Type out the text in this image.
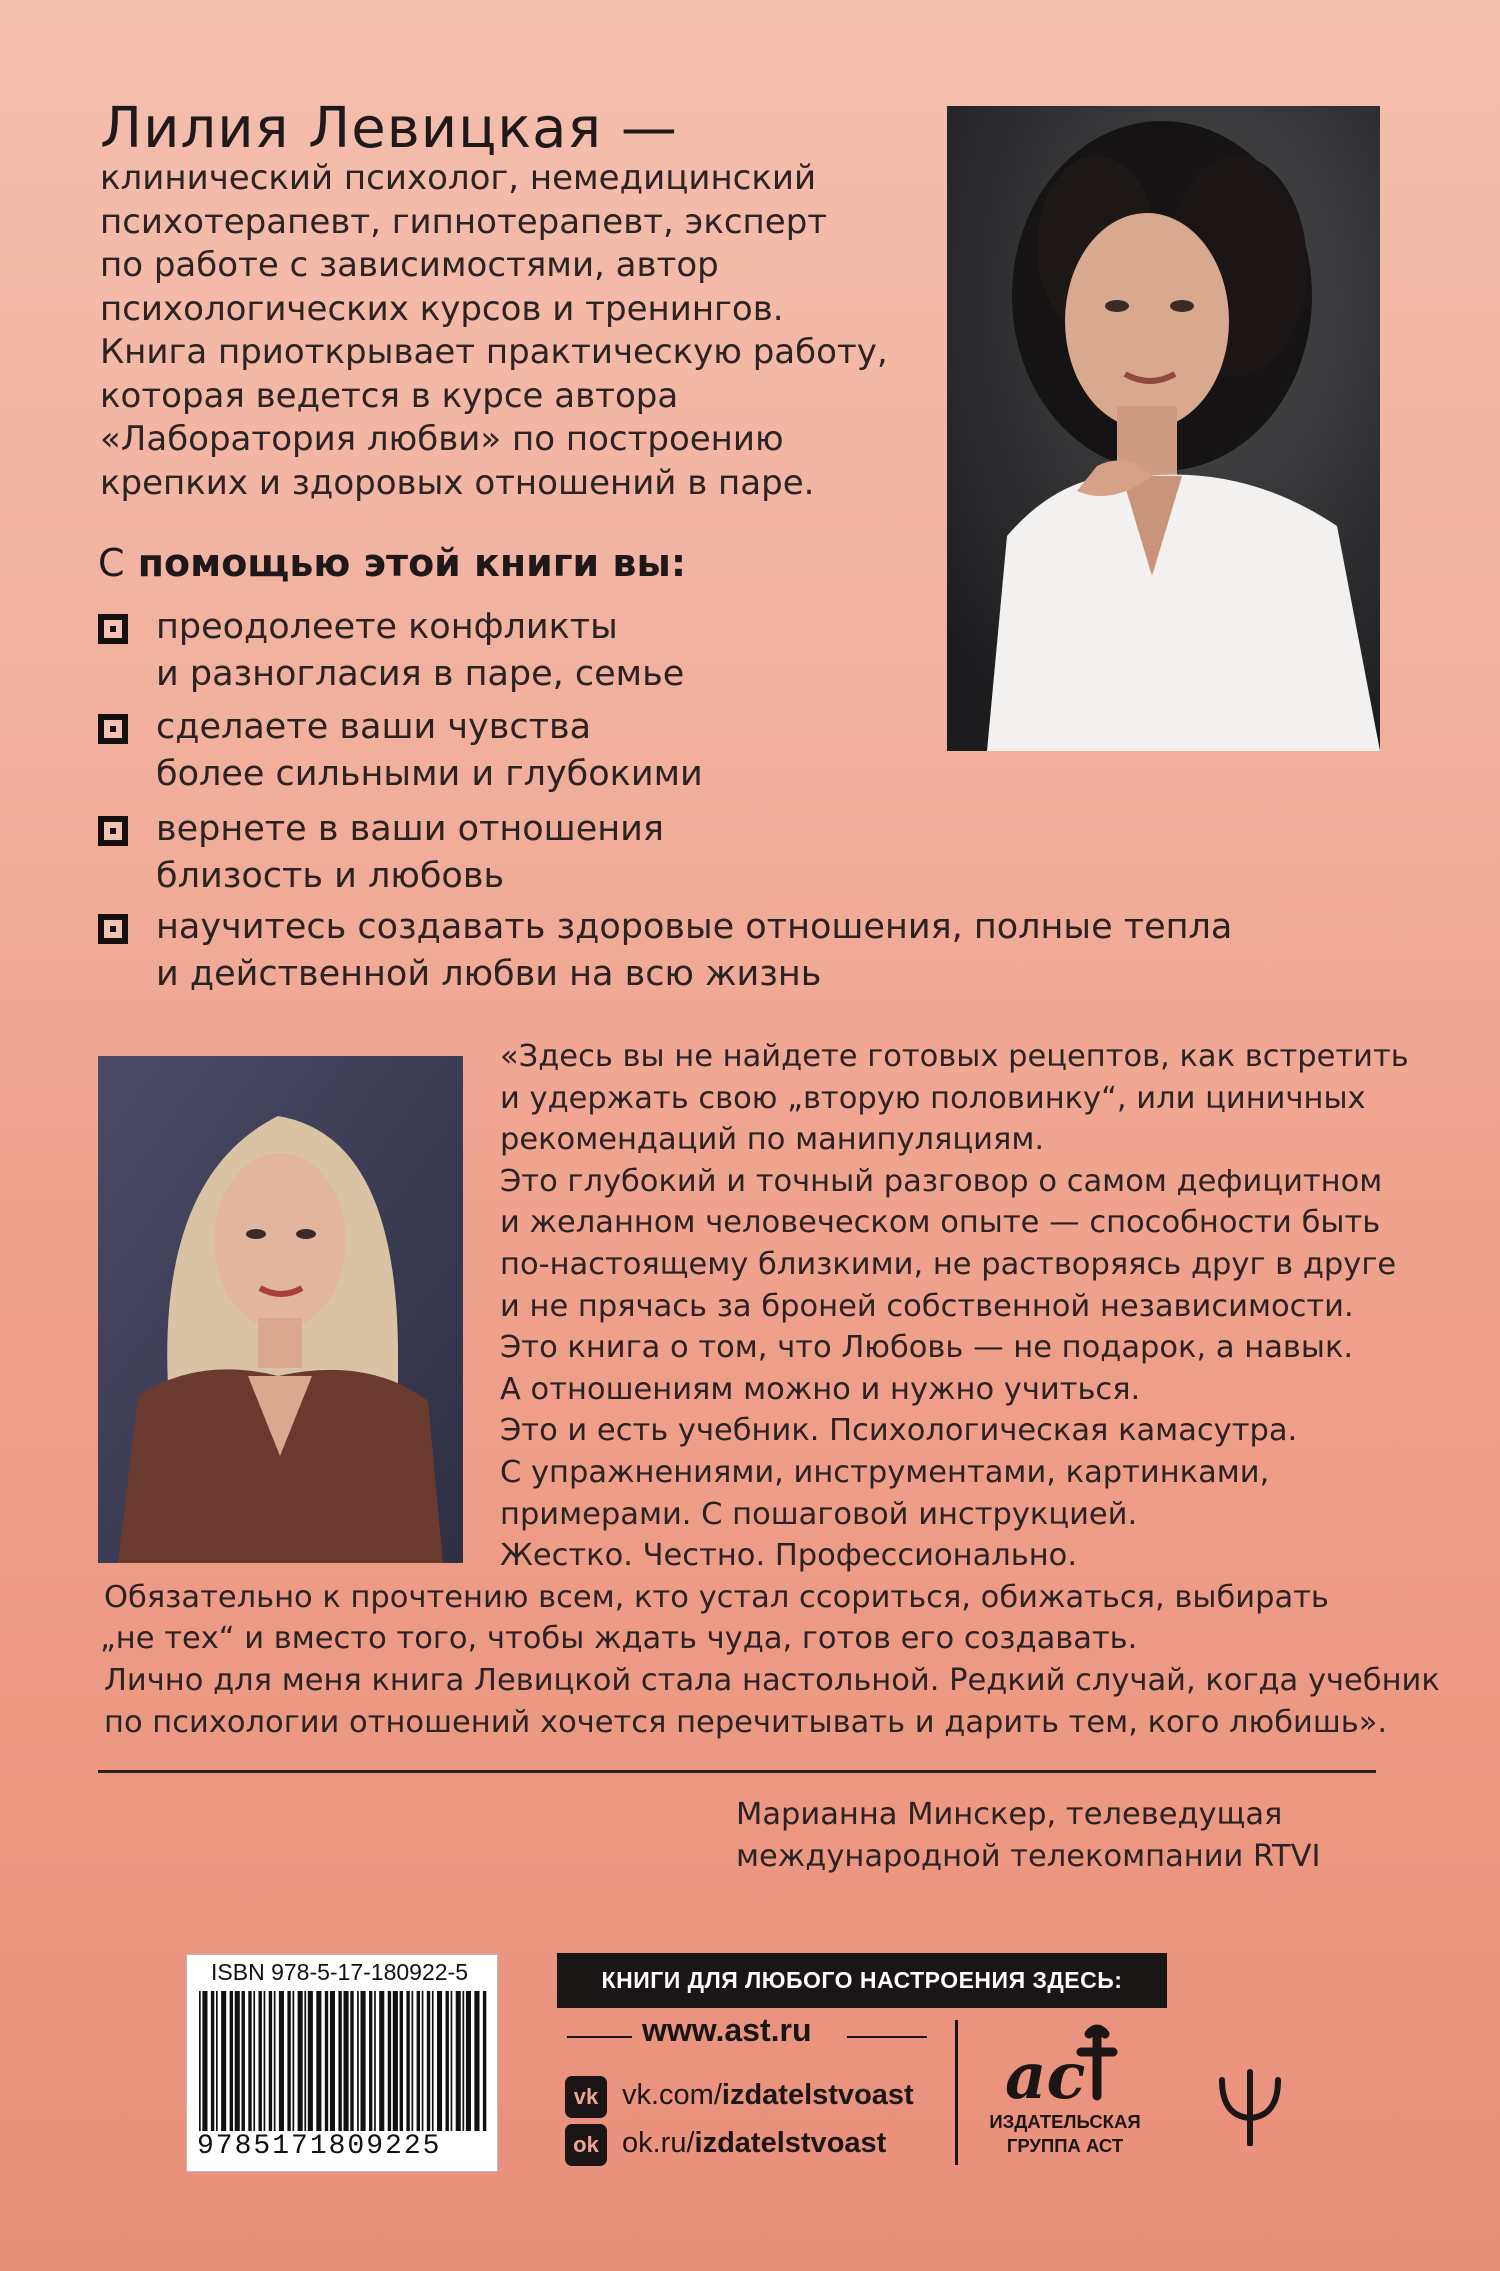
Лилия Левицкая —
клинический психолог, немедицинский
психотерапевт, гипнотерапевт, эксперт
по работе с зависимостями, автор
психологических курсов и тренингов.
Книга приоткрывает практическую работу,
которая ведется в курсе автора
«Лаборатория любви» по построению
крепких и здоровых отношений в паре.
С помощью этой книги вы:
преодолеете конфликты
и разногласия в паре, семье
сделаете ваши чувства
более сильными и глубокими
вернете в ваши отношения
близость и любовь
научитесь создавать здоровые отношения, полные тепла
и действенной любви на всю жизнь
«Здесь вы не найдете готовых рецептов, как встретить
и удержать свою „вторую половинку“, или циничных
рекомендаций по манипуляциям.
Это глубокий и точный разговор о самом дефицитном
и желанном человеческом опыте — способности быть
по-настоящему близкими, не растворяясь друг в друге
и не прячась за броней собственной независимости.
Это книга о том, что Любовь — не подарок, а навык.
А отношениям можно и нужно учиться.
Это и есть учебник. Психологическая камасутра.
С упражнениями, инструментами, картинками,
примерами. С пошаговой инструкцией.
Жестко. Честно. Профессионально.
Обязательно к прочтению всем, кто устал ссориться, обижаться, выбирать
„не тех“ и вместо того, чтобы ждать чуда, готов его создавать.
Лично для меня книга Левицкой стала настольной. Редкий случай, когда учебник
по психологии отношений хочется перечитывать и дарить тем, кого любишь».
Марианна Минскер, телеведущая
международной телекомпании RTVI
ISBN 978-5-17-180922-5
9785171809225
КНИГИ ДЛЯ ЛЮБОГО НАСТРОЕНИЯ ЗДЕСЬ:
www.ast.ru
vk vk.com/izdatelstvoast
ok ok.ru/izdatelstvoast
ac
ИЗДАТЕЛЬСКАЯ
ГРУППА АСТ
